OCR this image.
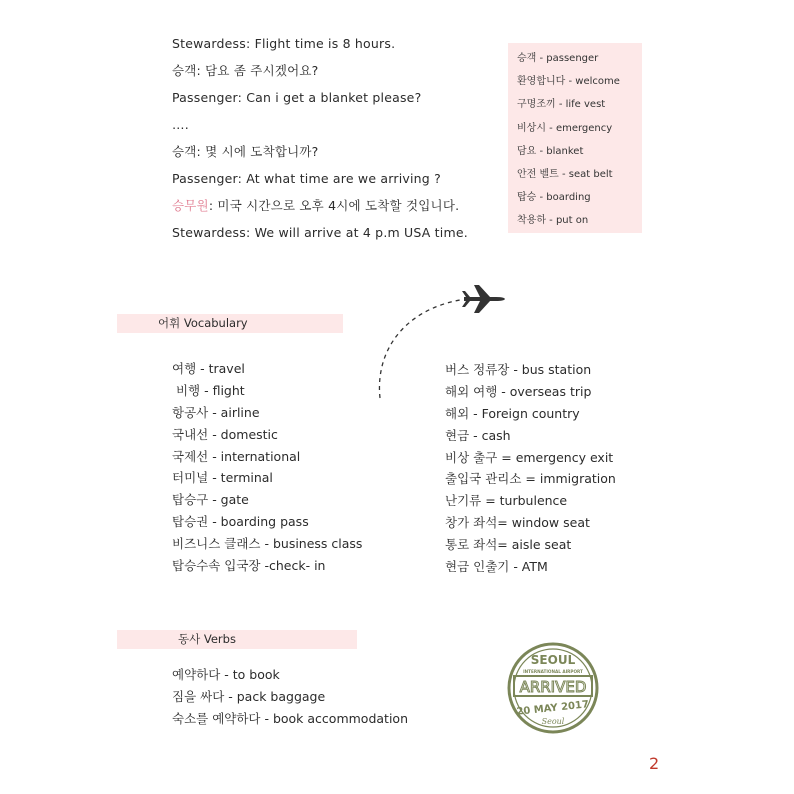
Stewardess: Flight time is 8 hours.
승객: 담요 좀 주시겠어요?
Passenger: Can i get a blanket please?
….
승객: 몇 시에 도착합니까?
Passenger: At what time are we arriving ?
승무원: 미국 시간으로 오후 4시에 도착할 것입니다.
Stewardess: We will arrive at 4 p.m USA time.
승객 - passenger
환영합니다 - welcome
구명조끼 - life vest
비상시 - emergency
담요 - blanket
안전 벨트 - seat belt
탑승 - boarding
착용하 - put on
어휘 Vocabulary
여행 - travel
비행 - flight
항공사 - airline
국내선 - domestic
국제선 - international
터미널 - terminal
탑승구 - gate
탑승권 - boarding pass
비즈니스 클래스 - business class
탑승수속 입국장 -check- in
버스 정류장 - bus station
해외 여행 - overseas trip
해외 - Foreign country
현금 - cash
비상 출구 = emergency exit
출입국 관리소 = immigration
난기류 = turbulence
창가 좌석= window seat
통로 좌석= aisle seat
현금 인출기 - ATM
동사 Verbs
예약하다 - to book
짐을 싸다 - pack baggage
숙소를 예약하다 - book accommodation
SEOUL
INTERNATIONAL AIRPORT
ARRIVED
20 MAY 2017
Seoul
2
